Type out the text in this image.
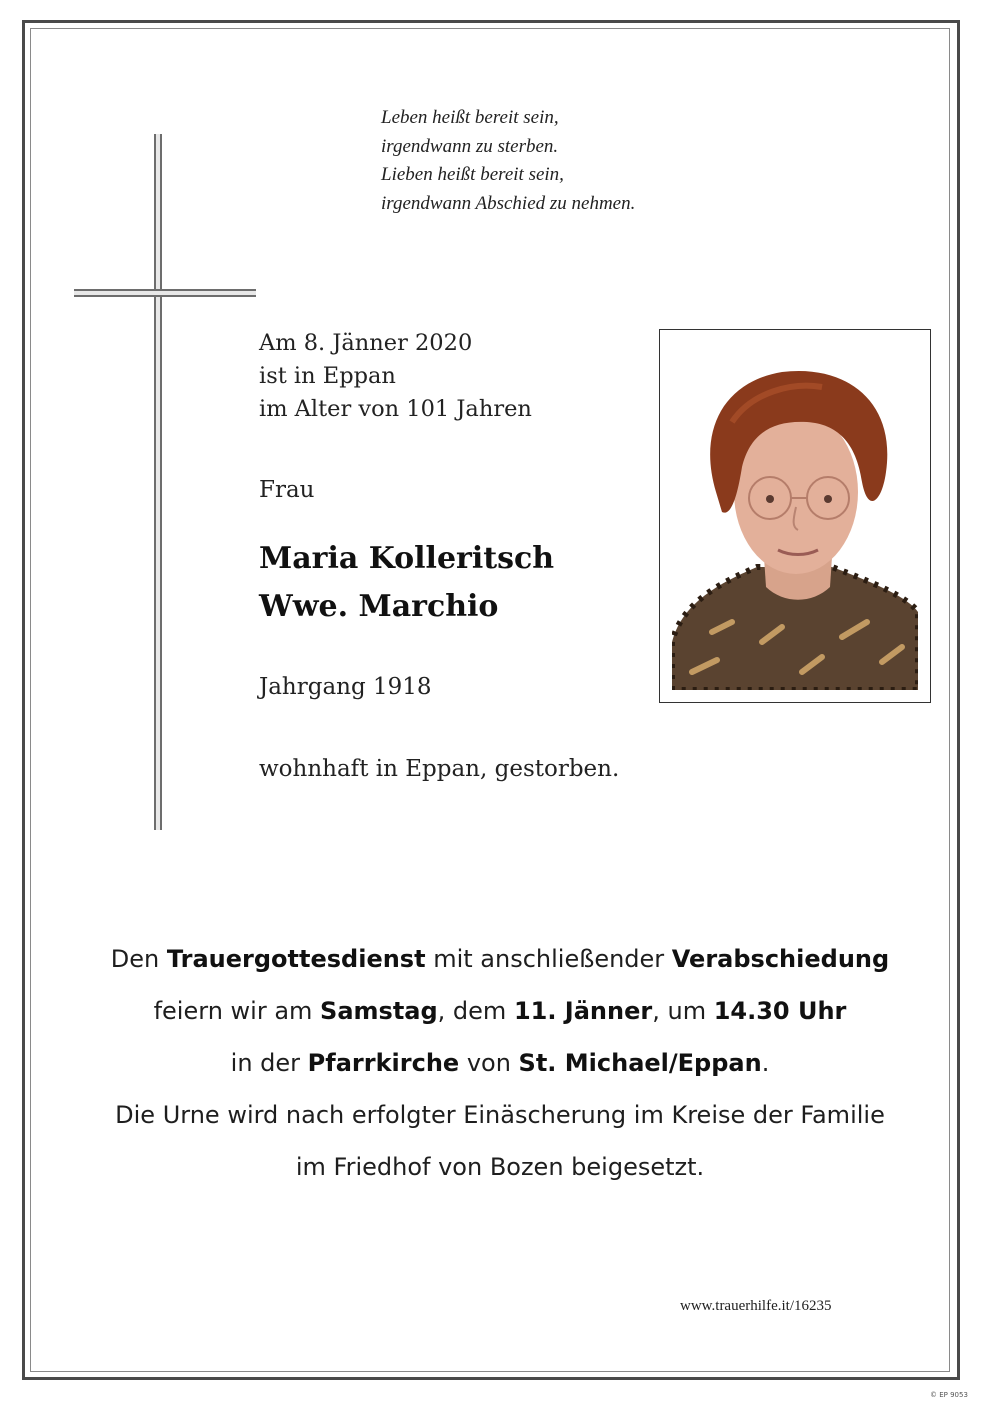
Leben heißt bereit sein,
irgendwann zu sterben.
Lieben heißt bereit sein,
irgendwann Abschied zu nehmen.
Am 8. Jänner 2020
ist in Eppan
im Alter von 101 Jahren
Frau
Maria Kolleritsch
Wwe. Marchio
Jahrgang 1918
wohnhaft in Eppan, gestorben.
Den Trauergottesdienst mit anschließender Verabschiedung
feiern wir am Samstag, dem 11. Jänner, um 14.30 Uhr
in der Pfarrkirche von St. Michael/Eppan.
Die Urne wird nach erfolgter Einäscherung im Kreise der Familie
im Friedhof von Bozen beigesetzt.
www.trauerhilfe.it/16235
© EP 9053
